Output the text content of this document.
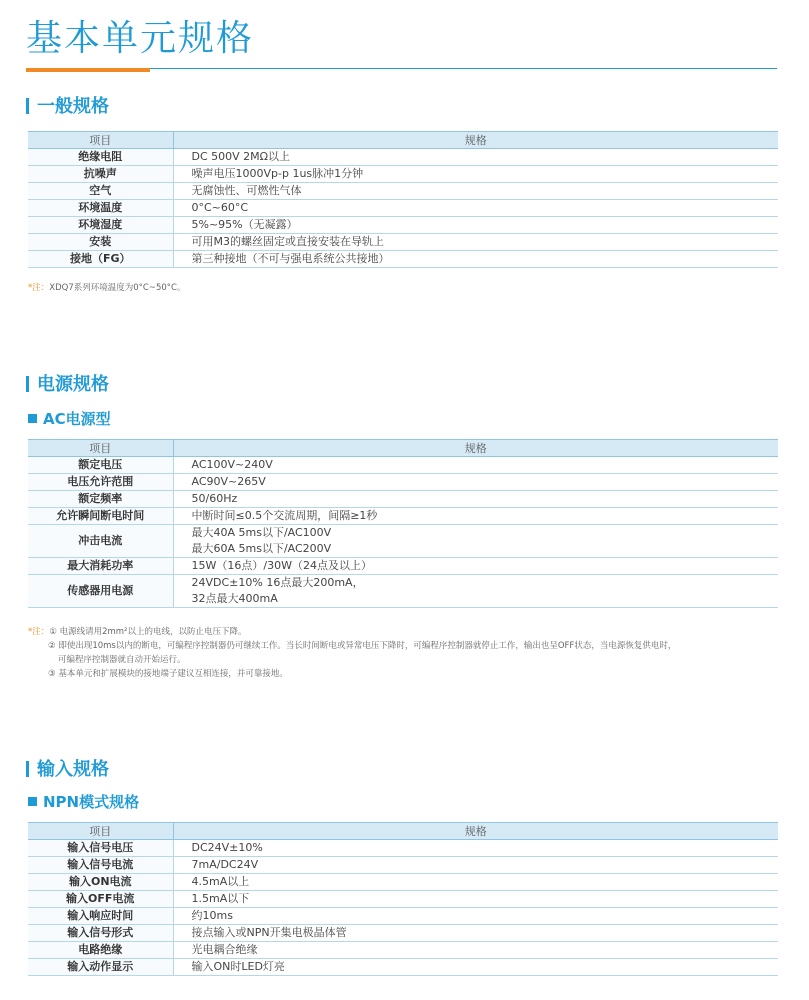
基本单元规格
一般规格
项目	规格
绝缘电阻	DC 500V 2MΩ以上
抗噪声	噪声电压1000Vp-p 1us脉冲1分钟
空气	无腐蚀性、可燃性气体
环境温度	0°C~60°C
环境湿度	5%~95%（无凝露）
安装	可用M3的螺丝固定或直接安装在导轨上
接地（FG）	第三种接地（不可与强电系统公共接地）
*注：XDQ7系列环境温度为0°C~50°C。
电源规格
AC电源型
项目	规格
额定电压	AC100V~240V

电压允许范围	AC90V~265V

额定频率	50/60Hz

允许瞬间断电时间	中断时间≤0.5个交流周期，间隔≥1秒

冲击电流	最大40A 5ms以下/AC100V
最大60A 5ms以下/AC200V

最大消耗功率	15W（16点）/30W（24点及以上）

传感器用电源	24VDC±10% 16点最大200mA，
32点最大400mA
*注：① 电源线请用2mm²以上的电线，以防止电压下降。
② 即使出现10ms以内的断电，可编程序控制器仍可继续工作。当长时间断电或异常电压下降时，可编程序控制器就停止工作，输出也呈OFF状态，当电源恢复供电时，
可编程序控制器就自动开始运行。
③ 基本单元和扩展模块的接地端子建议互相连接，并可靠接地。
输入规格
NPN模式规格
项目	规格
输入信号电压	DC24V±10%
输入信号电流	7mA/DC24V
输入ON电流	4.5mA以上
输入OFF电流	1.5mA以下
输入响应时间	约10ms
输入信号形式	接点输入或NPN开集电极晶体管
电路绝缘	光电耦合绝缘
输入动作显示	输入ON时LED灯亮
